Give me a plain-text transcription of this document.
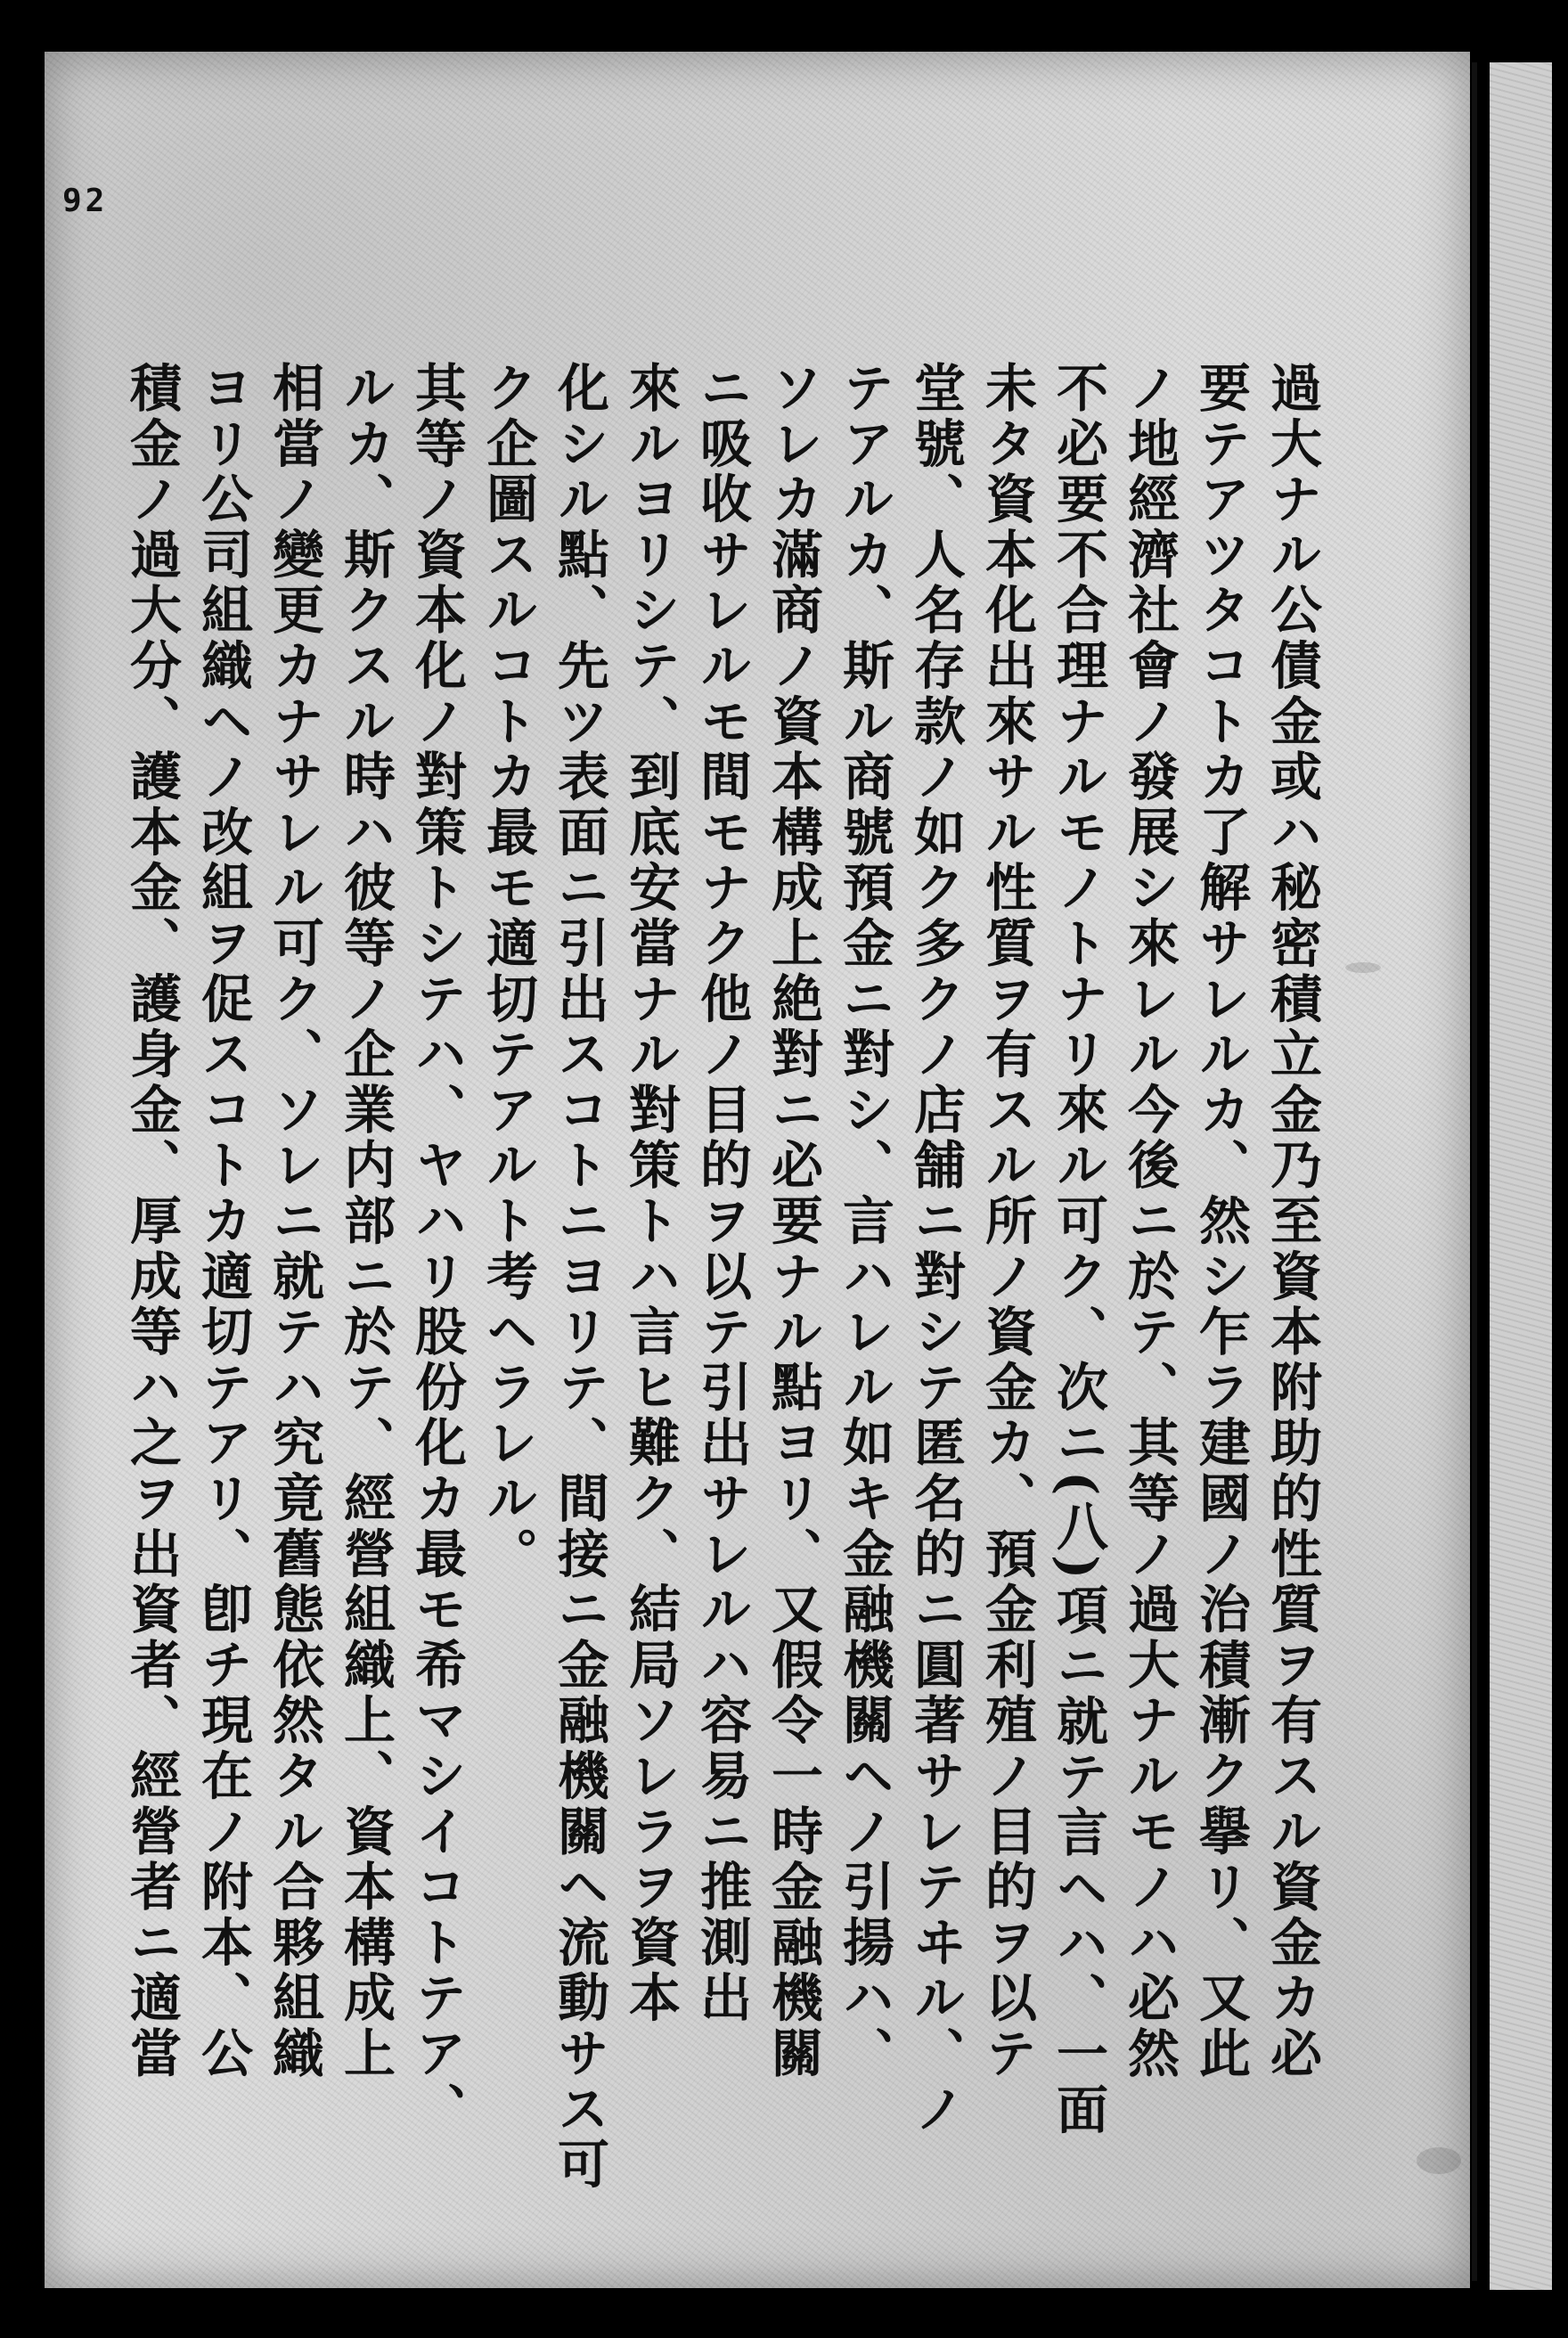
92
過大ナル公債金或ハ秘密積立金乃至資本附助的性質ヲ有スル資金カ必
要テアツタコトカ了解サレルカ、然シ乍ラ建國ノ治積漸ク擧リ、又此
ノ地經濟社會ノ發展シ來レル今後ニ於テ、其等ノ過大ナルモノハ必然
不必要不合理ナルモノトナリ來ル可ク、次ニ(八)項ニ就テ言ヘハ、一面
未タ資本化出來サル性質ヲ有スル所ノ資金カ、預金利殖ノ目的ヲ以テ
堂號、人名存款ノ如ク多クノ店舗ニ對シテ匿名的ニ圓著サレテヰル、ノ
テアルカ、斯ル商號預金ニ對シ、言ハレル如キ金融機關ヘノ引揚ハ、
ソレカ滿商ノ資本構成上絶對ニ必要ナル點ヨリ、又假令一時金融機關
ニ吸收サレルモ間モナク他ノ目的ヲ以テ引出サレルハ容易ニ推測出
來ルヨリシテ、到底安當ナル對策トハ言ヒ難ク、結局ソレラヲ資本
化シル點、先ツ表面ニ引出スコトニヨリテ、間接ニ金融機關ヘ流動サス可
ク企圖スルコトカ最モ適切テアルト考ヘラレル。
其等ノ資本化ノ對策トシテハ、ヤハリ股份化カ最モ希マシイコトテア、
ルカ、斯クスル時ハ彼等ノ企業内部ニ於テ、經營組織上、資本構成上
相當ノ變更カナサレル可ク、ソレニ就テハ究竟舊態依然タル合夥組織
ヨリ公司組織ヘノ改組ヲ促スコトカ適切テアリ、卽チ現在ノ附本、公
積金ノ過大分、護本金、護身金、厚成等ハ之ヲ出資者、經營者ニ適當
